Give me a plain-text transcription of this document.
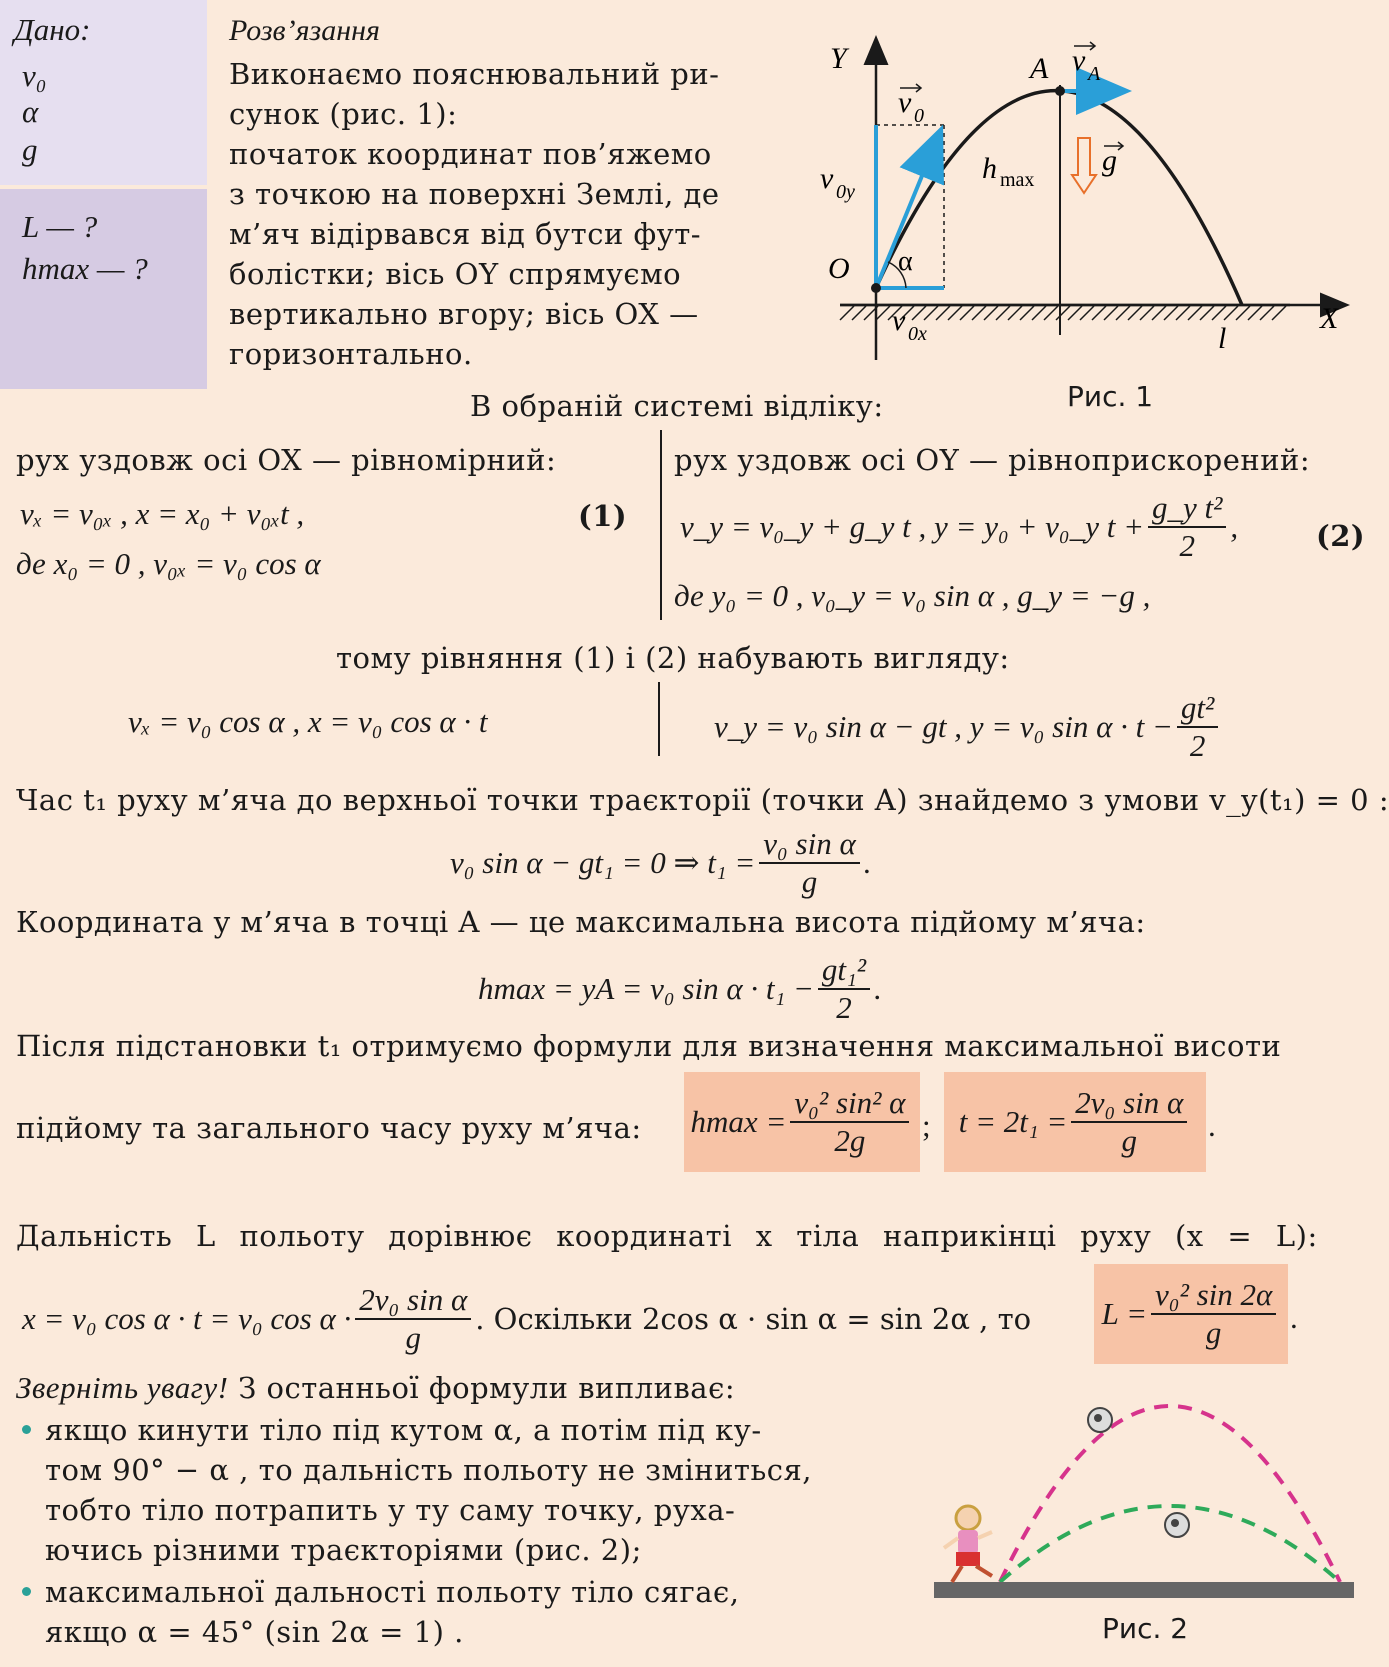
Дано:
v₀
α
g
L — ?
hmax — ?
Розв’язання
Виконаємо пояснювальний ри-
сунок (рис. 1):
початок координат пов’яжемо
з точкою на поверхні Землі, де
м’яч відірвався від бутси фут-
болістки; вісь OY спрямуємо
вертикально вгору; вісь OX —
горизонтально.
Y
X
O
A v A
v 0
v 0y
v 0x
α
h max
g
l
Рис. 1
В обраній системі відліку:
рух уздовж осі OX — рівномірний:
vₓ = v₀ₓ , x = x₀ + v₀ₓt ,	(1)
де x₀ = 0 , v₀ₓ = v₀ cos α
рух уздовж осі OY — рівноприскорений:
v_y = v₀_y + g_y t , y = y₀ + v₀_y $t + \frac{\text{g\_y t²}}{2}$ ,	(2)
де y₀ = 0 , v₀_y = v₀ sin α , g_y = −g ,
тому рівняння (1) і (2) набувають вигляду:
vₓ = v₀ cos α , x = v₀ cos α · t	v_y = v₀ sin α − gt , y = v₀ $\sin \alpha \cdot t - \frac{\text{gt²}}{2}$
Час t₁ руху м’яча до верхньої точки траєкторії (точки A) знайдемо з умови v_y(t₁) = 0 :
v₀ sin α − gt₁ = 0 ⇒ $t_1 = \frac{\text{v₀ sin α}}{g}$ .
Координата y м’яча в точці A — це максимальна висота підйому м’яча:
hmax = yA = v₀ $\sin \alpha \cdot t_1 - \frac{\text{gt₁²}}{2}$ .
Після підстановки t₁ отримуємо формули для визначення максимальної висоти
підйому та загального часу руху м’яча: $hmax = \frac{\text{v₀² sin² α}}{2g}$ ; $t = 2t_1 = \frac{\text{2v₀ sin α}}{g}$ .
Дальність L польоту дорівнює координаті x тіла наприкінці руху (x = L):
x = v₀ cos α · t = v₀ $\cos \alpha \cdot \frac{\text{2v₀ sin α}}{g}$ . Оскільки 2cos α · sin α = sin 2α , то $L = \frac{\text{v₀² sin 2α}}{g}$ .
Зверніть увагу! З останньої формули випливає:
якщо кинути тіло під кутом α, а потім під ку-
том 90° − α , то дальність польоту не зміниться,
тобто тіло потрапить у ту саму точку, руха-
ючись різними траєкторіями (рис. 2);
максимальної дальності польоту тіло сягає,
якщо α = 45° (sin 2α = 1) .	Рис. 2
